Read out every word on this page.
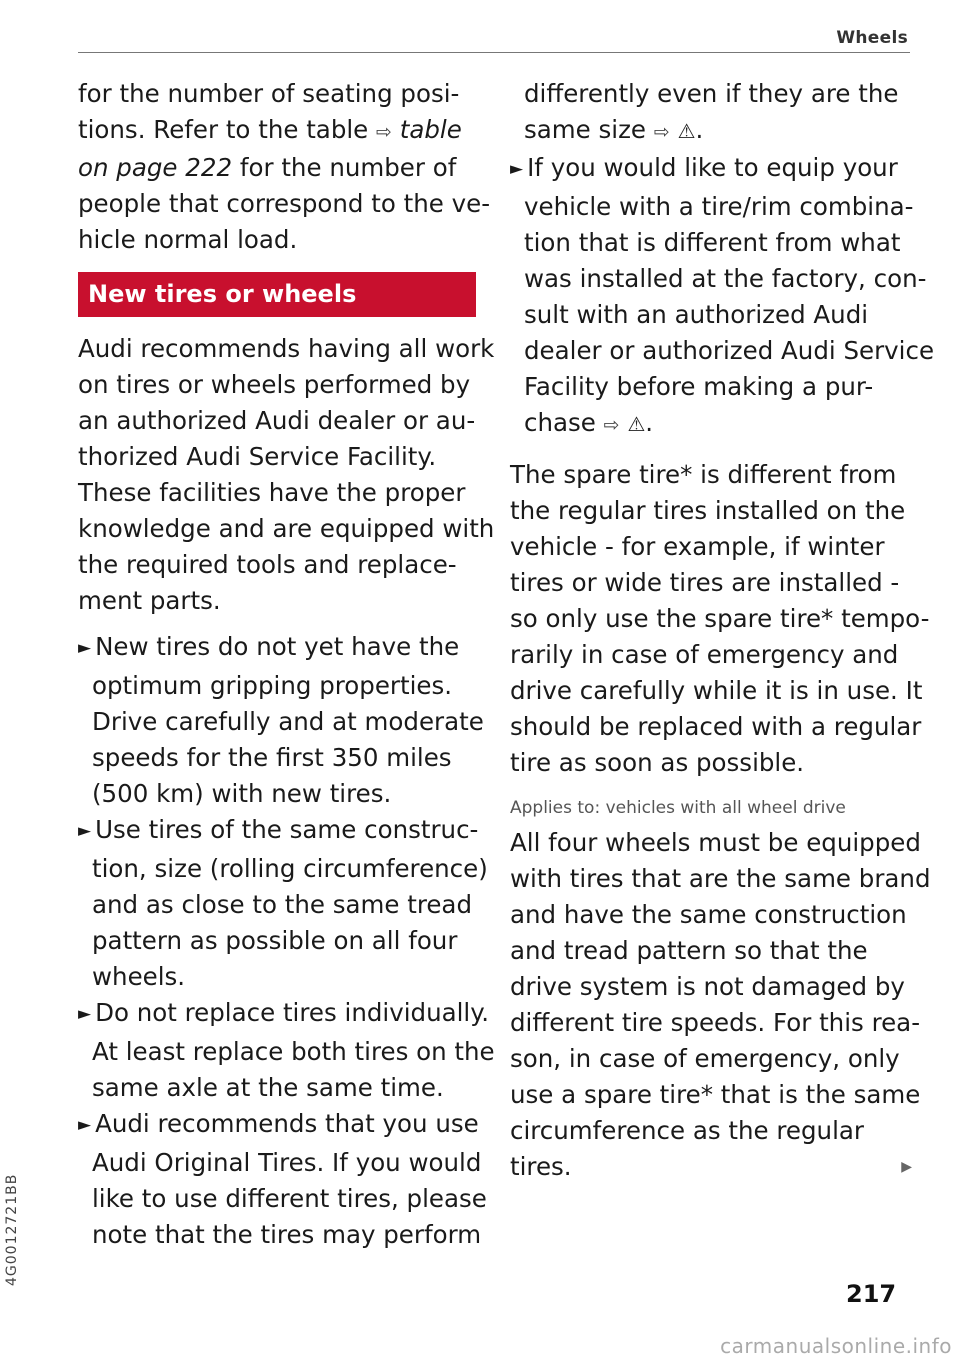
Wheels
for the number of seating posi-
tions. Refer to the table ⇨ table
on page 222 for the number of
people that correspond to the ve-
hicle normal load.
New tires or wheels
Audi recommends having all work
on tires or wheels performed by
an authorized Audi dealer or au-
thorized Audi Service Facility.
These facilities have the proper
knowledge and are equipped with
the required tools and replace-
ment parts.
► New tires do not yet have the
optimum gripping properties.
Drive carefully and at moderate
speeds for the first 350 miles
(500 km) with new tires.
► Use tires of the same construc-
tion, size (rolling circumference)
and as close to the same tread
pattern as possible on all four
wheels.
► Do not replace tires individually.
At least replace both tires on the
same axle at the same time.
► Audi recommends that you use
Audi Original Tires. If you would
like to use different tires, please
note that the tires may perform
differently even if they are the
same size ⇨ ⚠.
► If you would like to equip your
vehicle with a tire/rim combina-
tion that is different from what
was installed at the factory, con-
sult with an authorized Audi
dealer or authorized Audi Service
Facility before making a pur-
chase ⇨ ⚠.
The spare tire* is different from
the regular tires installed on the
vehicle - for example, if winter
tires or wide tires are installed -
so only use the spare tire* tempo-
rarily in case of emergency and
drive carefully while it is in use. It
should be replaced with a regular
tire as soon as possible.
Applies to: vehicles with all wheel drive
All four wheels must be equipped
with tires that are the same brand
and have the same construction
and tread pattern so that the
drive system is not damaged by
different tire speeds. For this rea-
son, in case of emergency, only
use a spare tire* that is the same
circumference as the regular
tires.	▶
217
4G0012721BB
carmanualsonline.info
